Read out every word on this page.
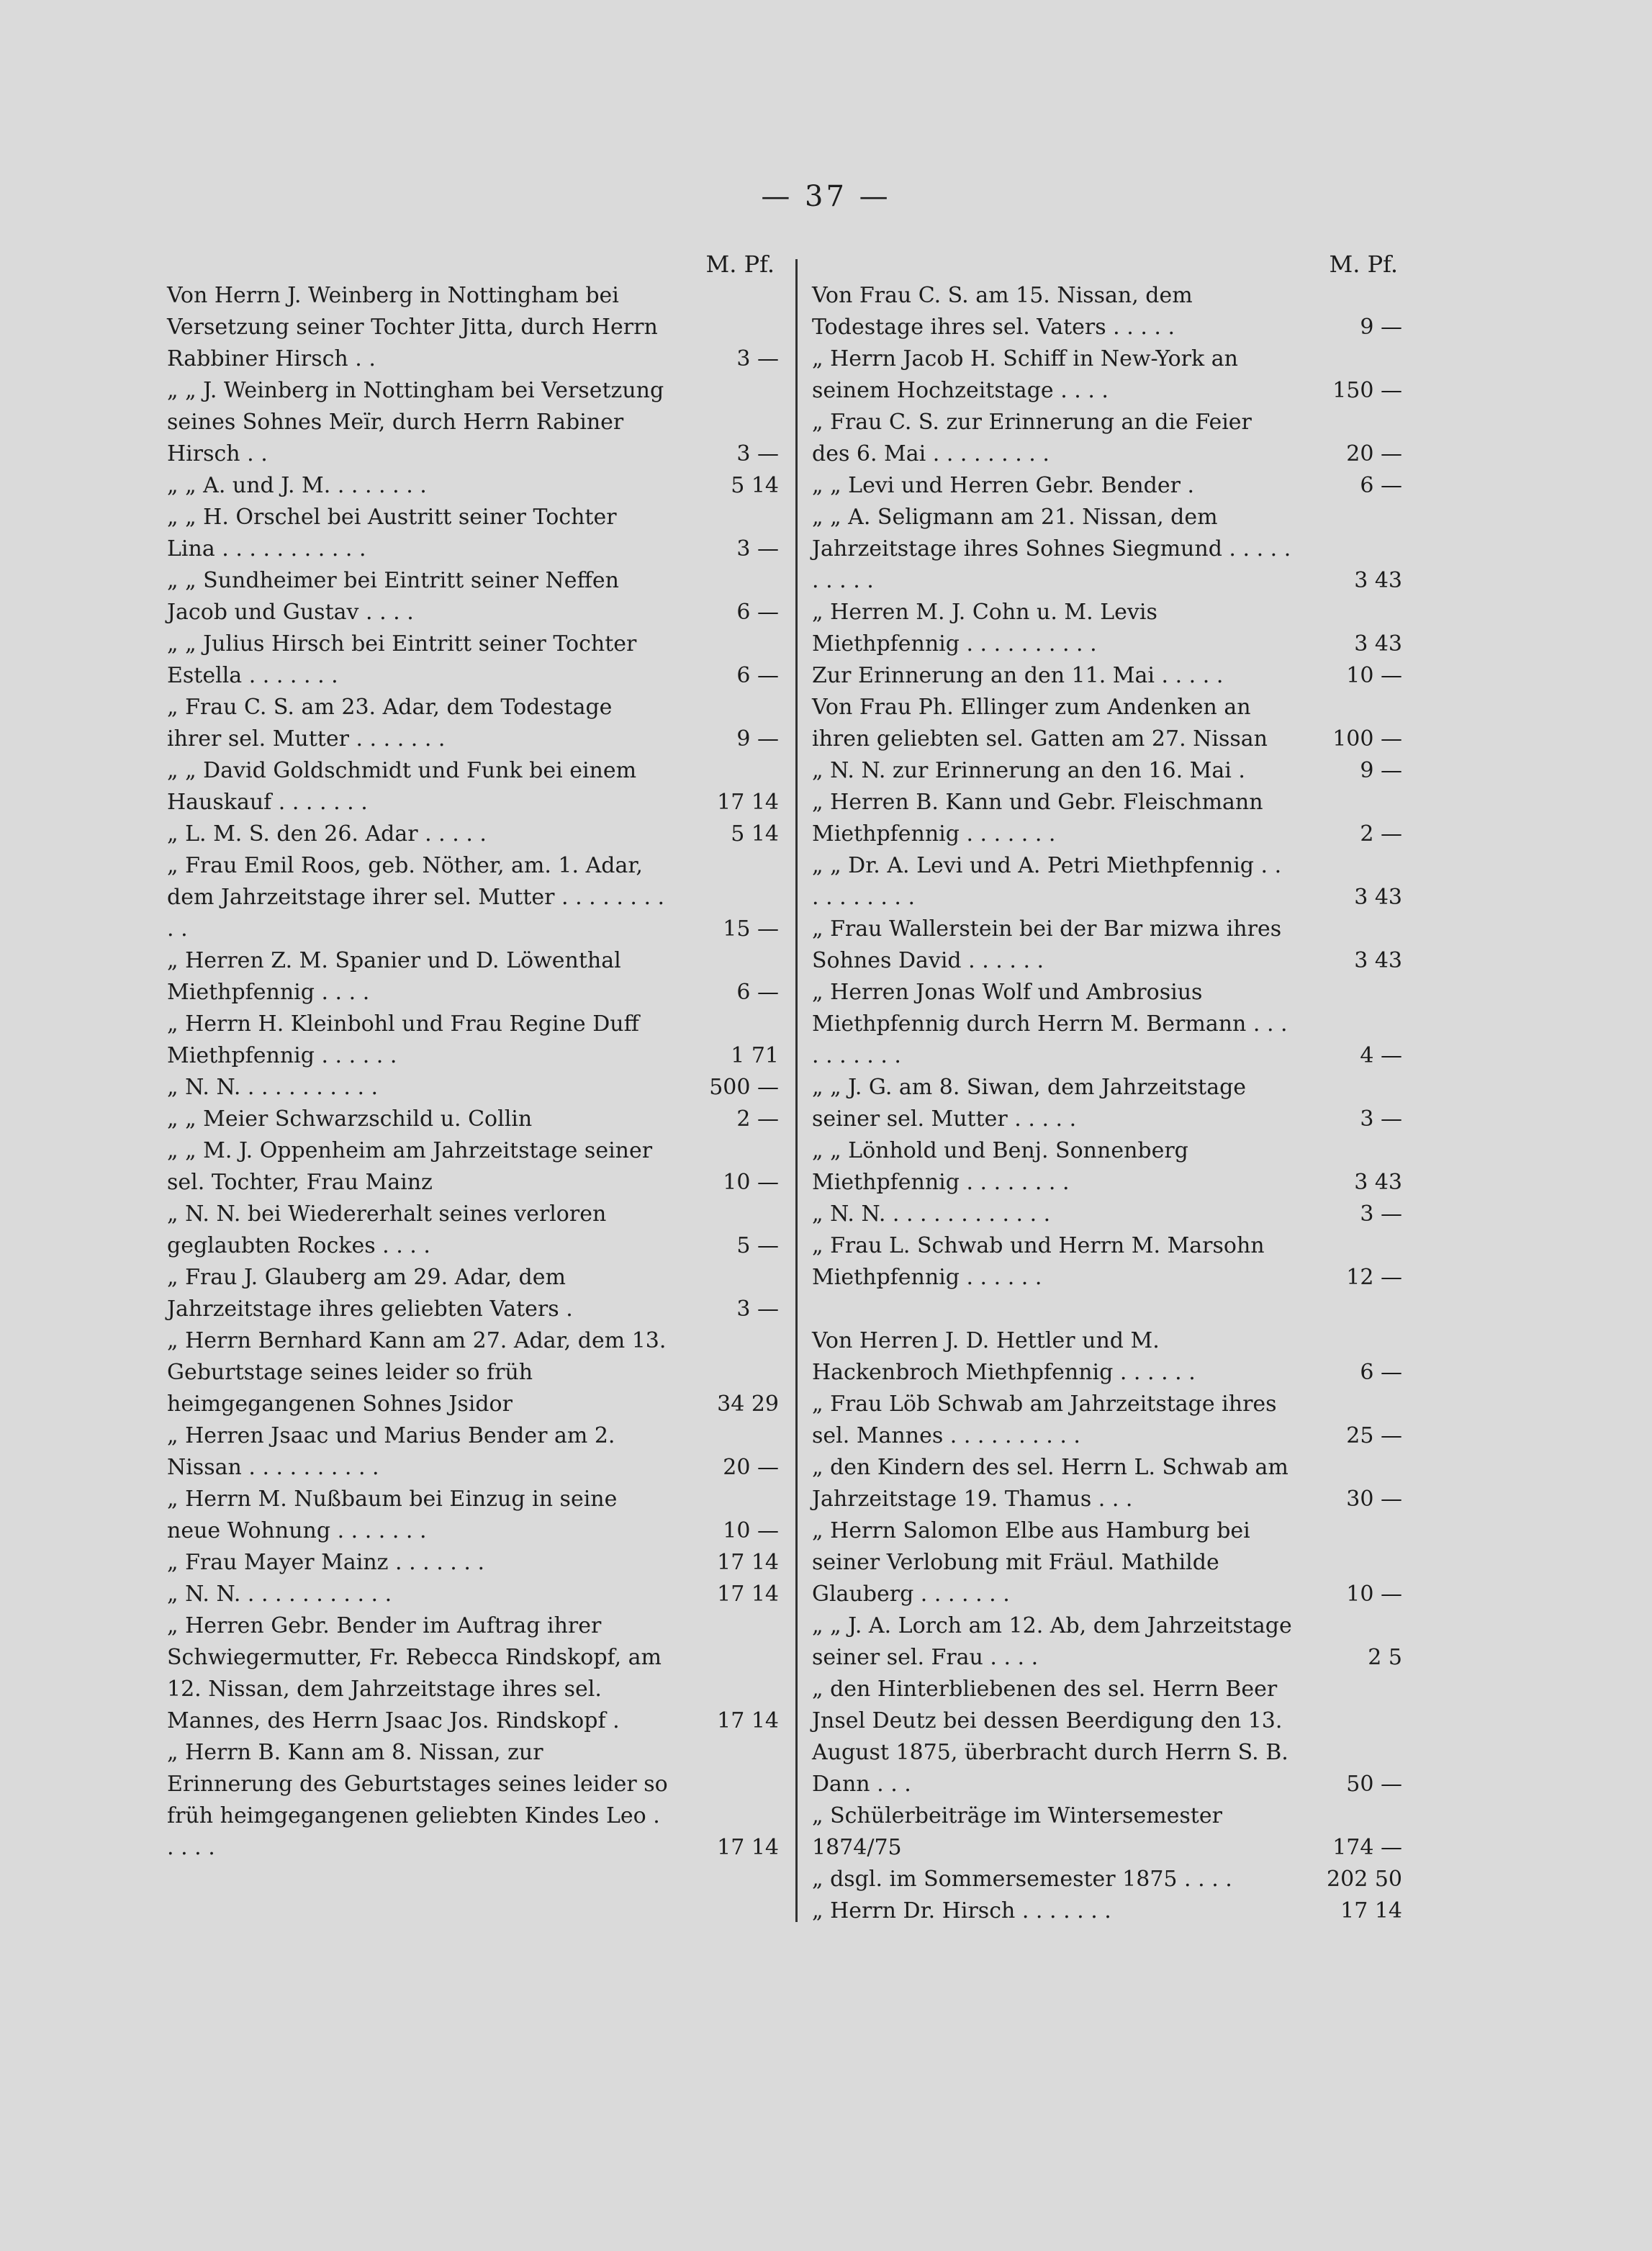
— 37 —
M. Pf.
Von Herrn J. Weinberg in Nottingham bei Versetzung seiner Tochter Jitta, durch Herrn Rabbiner Hirsch . .	3 —
„ „ J. Weinberg in Nottingham bei Versetzung seines Sohnes Meïr, durch Herrn Rabiner Hirsch . .	3 —
„ „ A. und J. M. . . . . . . .	5 14
„ „ H. Orschel bei Austritt seiner Tochter Lina . . . . . . . . . . .	3 —
„ „ Sundheimer bei Eintritt seiner Neffen Jacob und Gustav . . . .	6 —
„ „ Julius Hirsch bei Eintritt seiner Tochter Estella . . . . . . .	6 —
„ Frau C. S. am 23. Adar, dem Todestage ihrer sel. Mutter . . . . . . .	9 —
„ „ David Goldschmidt und Funk bei einem Hauskauf . . . . . . .	17 14
„ L. M. S. den 26. Adar . . . . .	5 14
„ Frau Emil Roos, geb. Nöther, am. 1. Adar, dem Jahrzeitstage ihrer sel. Mutter . . . . . . . . . .	15 —
„ Herren Z. M. Spanier und D. Löwenthal Miethpfennig . . . .	6 —
„ Herrn H. Kleinbohl und Frau Regine Duff Miethpfennig . . . . . .	1 71
„ N. N. . . . . . . . . . .	500 —
„ „ Meier Schwarzschild u. Collin	2 —
„ „ M. J. Oppenheim am Jahrzeitstage seiner sel. Tochter, Frau Mainz	10 —
„ N. N. bei Wiedererhalt seines verloren geglaubten Rockes . . . .	5 —
„ Frau J. Glauberg am 29. Adar, dem Jahrzeitstage ihres geliebten Vaters .	3 —
„ Herrn Bernhard Kann am 27. Adar, dem 13. Geburtstage seines leider so früh heimgegangenen Sohnes Jsidor	34 29
„ Herren Jsaac und Marius Bender am 2. Nissan . . . . . . . . . .	20 —
„ Herrn M. Nußbaum bei Einzug in seine neue Wohnung . . . . . . .	10 —
„ Frau Mayer Mainz . . . . . . .	17 14
„ N. N. . . . . . . . . . . .	17 14
„ Herren Gebr. Bender im Auftrag ihrer Schwiegermutter, Fr. Rebecca Rindskopf, am 12. Nissan, dem Jahrzeitstage ihres sel. Mannes, des Herrn Jsaac Jos. Rindskopf .	17 14
„ Herrn B. Kann am 8. Nissan, zur Erinnerung des Geburtstages seines leider so früh heimgegangenen geliebten Kindes Leo . . . . .	17 14
M. Pf.
Von Frau C. S. am 15. Nissan, dem Todestage ihres sel. Vaters . . . . .	9 —
„ Herrn Jacob H. Schiff in New-York an seinem Hochzeitstage . . . .	150 —
„ Frau C. S. zur Erinnerung an die Feier des 6. Mai . . . . . . . . .	20 —
„ „ Levi und Herren Gebr. Bender .	6 —
„ „ A. Seligmann am 21. Nissan, dem Jahrzeitstage ihres Sohnes Siegmund . . . . . . . . . .	3 43
„ Herren M. J. Cohn u. M. Levis Miethpfennig . . . . . . . . . .	3 43
Zur Erinnerung an den 11. Mai . . . . .	10 —
Von Frau Ph. Ellinger zum Andenken an ihren geliebten sel. Gatten am 27. Nissan	100 —
„ N. N. zur Erinnerung an den 16. Mai .	9 —
„ Herren B. Kann und Gebr. Fleischmann Miethpfennig . . . . . . .	2 —
„ „ Dr. A. Levi und A. Petri Miethpfennig . . . . . . . . . .	3 43
„ Frau Wallerstein bei der Bar mizwa ihres Sohnes David . . . . . .	3 43
„ Herren Jonas Wolf und Ambrosius Miethpfennig durch Herrn M. Bermann . . . . . . . . . .	4 —
„ „ J. G. am 8. Siwan, dem Jahrzeitstage seiner sel. Mutter . . . . .	3 —
„ „ Lönhold und Benj. Sonnenberg Miethpfennig . . . . . . . .	3 43
„ N. N. . . . . . . . . . . . .	3 —
„ Frau L. Schwab und Herrn M. Marsohn Miethpfennig . . . . . .	12 —
Von Herren J. D. Hettler und M. Hackenbroch Miethpfennig . . . . . .	6 —
„ Frau Löb Schwab am Jahrzeitstage ihres sel. Mannes . . . . . . . . . .	25 —
„ den Kindern des sel. Herrn L. Schwab am Jahrzeitstage 19. Thamus . . .	30 —
„ Herrn Salomon Elbe aus Hamburg bei seiner Verlobung mit Fräul. Mathilde Glauberg . . . . . . .	10 —
„ „ J. A. Lorch am 12. Ab, dem Jahrzeitstage seiner sel. Frau . . . .	2 5
„ den Hinterbliebenen des sel. Herrn Beer Jnsel Deutz bei dessen Beerdigung den 13. August 1875, überbracht durch Herrn S. B. Dann . . .	50 —
„ Schülerbeiträge im Wintersemester 1874/75	174 —
„ dsgl. im Sommersemester 1875 . . . .	202 50
„ Herrn Dr. Hirsch . . . . . . .	17 14
